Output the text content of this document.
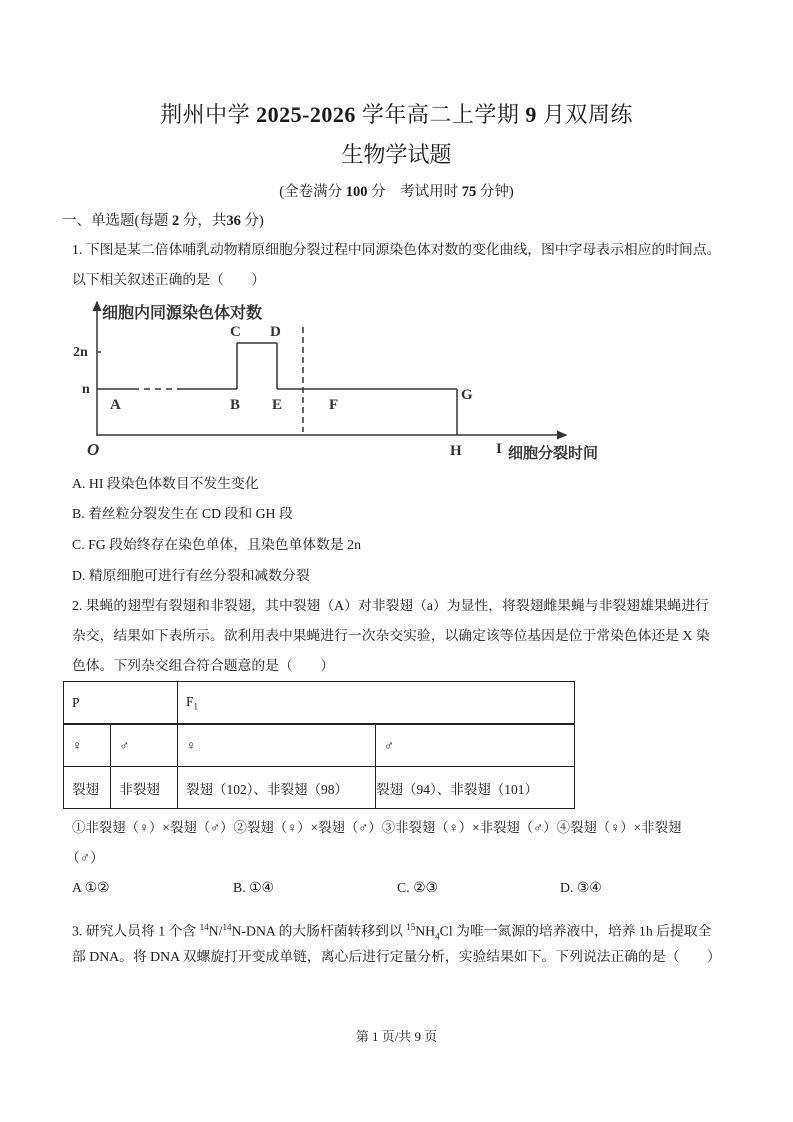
荆州中学 2025-2026 学年高二上学期 9 月双周练
生物学试题
(全卷满分 100 分　考试用时 75 分钟)
一、单选题(每题 2 分，共36 分)
1. 下图是某二倍体哺乳动物精原细胞分裂过程中同源染色体对数的变化曲线，图中字母表示相应的时间点。
以下相关叙述正确的是（　　）
细胞内同源染色体对数
细胞分裂时间
O
2n
n
A	B
C D
E	F
G
H I
A. HI 段染色体数目不发生变化
B. 着丝粒分裂发生在 CD 段和 GH 段
C. FG 段始终存在染色单体，且染色单体数是 2n
D. 精原细胞可进行有丝分裂和减数分裂
2. 果蝇的翅型有裂翅和非裂翅，其中裂翅（A）对非裂翅（a）为显性，将裂翅雌果蝇与非裂翅雄果蝇进行
杂交，结果如下表所示。欲利用表中果蝇进行一次杂交实验，以确定该等位基因是位于常染色体还是 X 染
色体。下列杂交组合符合题意的是（　　）
P		$F_1$
♀	♂	♀	♂
裂翅	非裂翅	裂翅（102）、非裂翅（98）	裂翅（94）、非裂翅（101）
①非裂翅（♀）×裂翅（♂）②裂翅（♀）×裂翅（♂）③非裂翅（♀）×非裂翅（♂）④裂翅（♀）×非裂翅
（♂）
A ①②	B. ①④	C. ②③	D. ③④
3. 研究人员将 1 个含 $^{14}$N/$^{14}$N-DNA 的大肠杆菌转移到以 $^{15}NH_4Cl$ 为唯一氮源的培养液中，培养 1h 后提取全
部 DNA。将 DNA 双螺旋打开变成单链，离心后进行定量分析，实验结果如下。下列说法正确的是（　　）
第 1 页/共 9 页
